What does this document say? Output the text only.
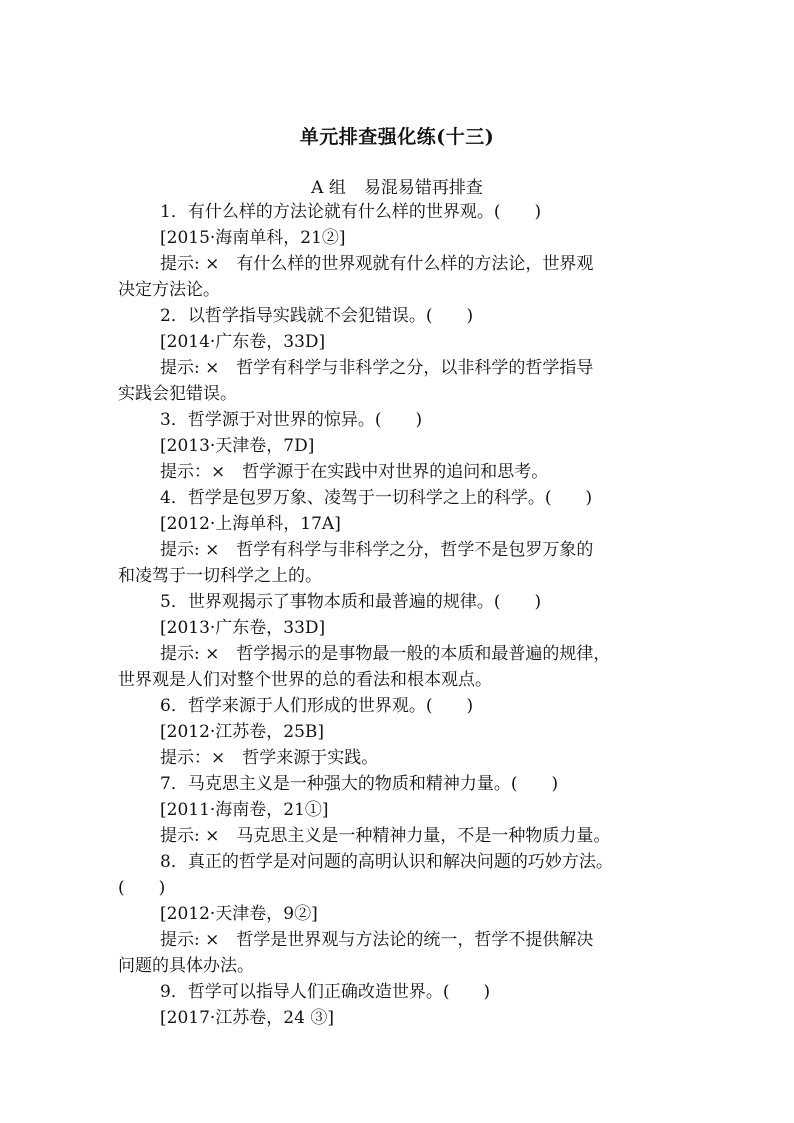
单元排查强化练(十三)
A 组 易混易错再排查
1．有什么样的方法论就有什么样的世界观。(　　)
[2015·海南单科，21②]
提示: ×　有什么样的世界观就有什么样的方法论，世界观
决定方法论。
2．以哲学指导实践就不会犯错误。(　　)
[2014·广东卷，33D]
提示: ×　哲学有科学与非科学之分，以非科学的哲学指导
实践会犯错误。
3．哲学源于对世界的惊异。(　　)
[2013·天津卷，7D]
提示：×　哲学源于在实践中对世界的追问和思考。
4．哲学是包罗万象、凌驾于一切科学之上的科学。(　　)
[2012·上海单科，17A]
提示: ×　哲学有科学与非科学之分，哲学不是包罗万象的
和凌驾于一切科学之上的。
5．世界观揭示了事物本质和最普遍的规律。(　　)
[2013·广东卷，33D]
提示: ×　哲学揭示的是事物最一般的本质和最普遍的规律，
世界观是人们对整个世界的总的看法和根本观点。
6．哲学来源于人们形成的世界观。(　　)
[2012·江苏卷，25B]
提示：×　哲学来源于实践。
7．马克思主义是一种强大的物质和精神力量。(　　)
[2011·海南卷，21①]
提示: ×　马克思主义是一种精神力量，不是一种物质力量。
8．真正的哲学是对问题的高明认识和解决问题的巧妙方法。
(　　)
[2012·天津卷，9②]
提示: ×　哲学是世界观与方法论的统一，哲学不提供解决
问题的具体办法。
9．哲学可以指导人们正确改造世界。(　　)
[2017·江苏卷，24 ③]
